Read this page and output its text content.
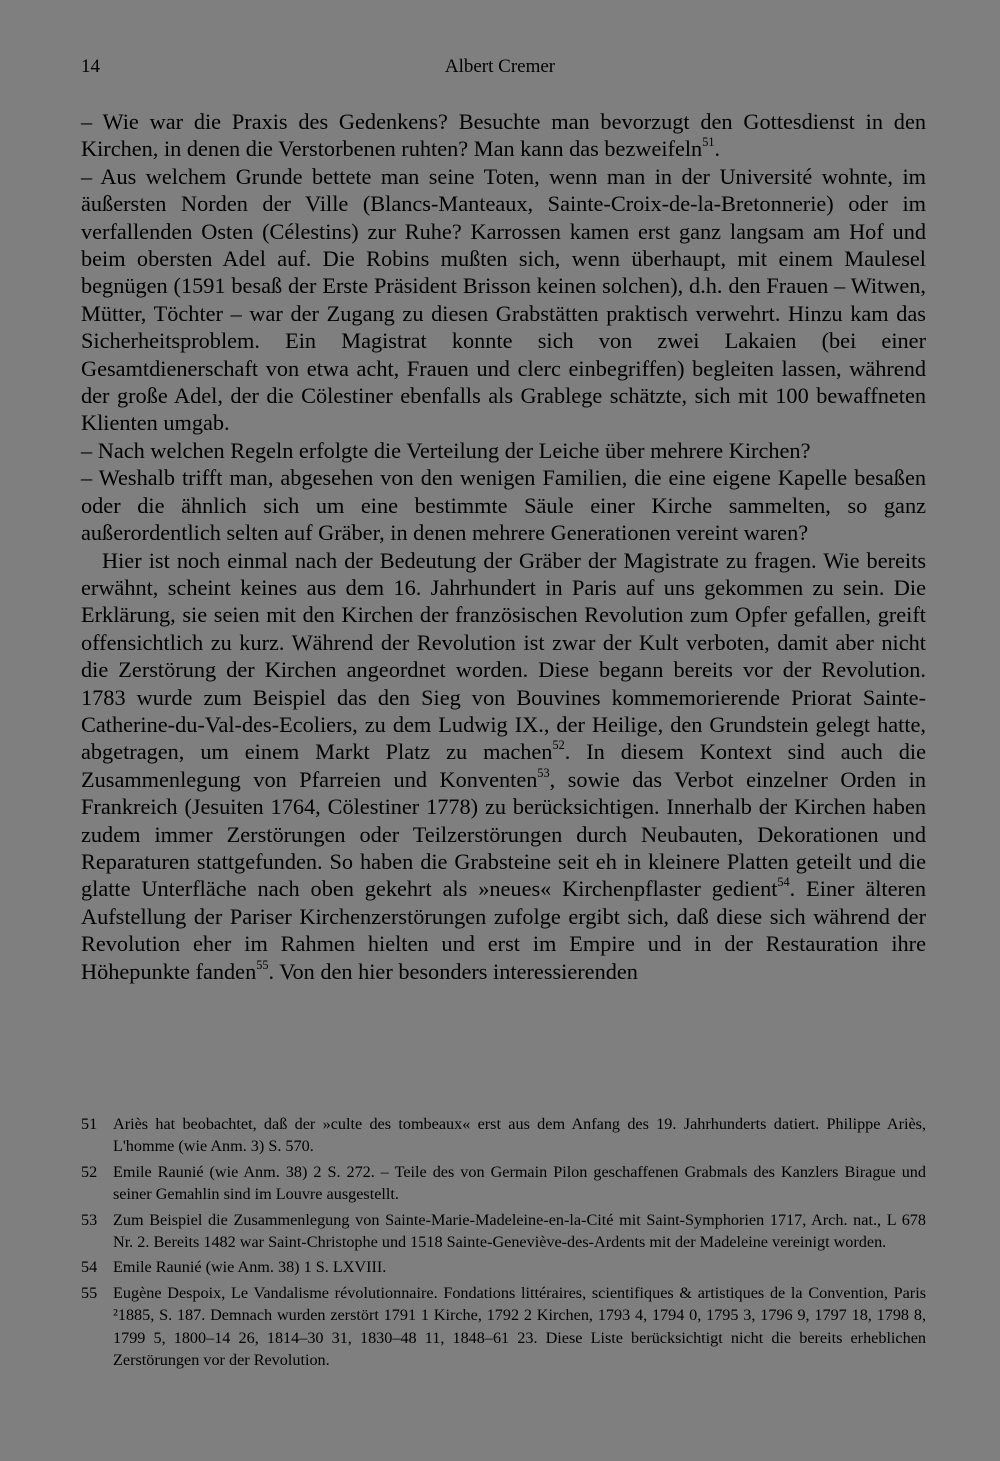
14	Albert Cremer

– Wie war die Praxis des Gedenkens? Besuchte man bevorzugt den Gottesdienst in den Kirchen, in denen die Verstorbenen ruhten? Man kann das bezweifeln$^{51}$.

– Aus welchem Grunde bettete man seine Toten, wenn man in der Université wohnte, im äußersten Norden der Ville (Blancs-Manteaux, Sainte-Croix-de-la-Bretonnerie) oder im verfallenden Osten (Célestins) zur Ruhe? Karrossen kamen erst ganz langsam am Hof und beim obersten Adel auf. Die Robins mußten sich, wenn überhaupt, mit einem Maulesel begnügen (1591 besaß der Erste Präsident Brisson keinen solchen), d.h. den Frauen – Witwen, Mütter, Töchter – war der Zugang zu diesen Grabstätten praktisch verwehrt. Hinzu kam das Sicherheitsproblem. Ein Magistrat konnte sich von zwei Lakaien (bei einer Gesamtdienerschaft von etwa acht, Frauen und clerc einbegriffen) begleiten lassen, während der große Adel, der die Cölestiner ebenfalls als Grablege schätzte, sich mit 100 bewaffneten Klienten umgab.

– Nach welchen Regeln erfolgte die Verteilung der Leiche über mehrere Kirchen?

– Weshalb trifft man, abgesehen von den wenigen Familien, die eine eigene Kapelle besaßen oder die ähnlich sich um eine bestimmte Säule einer Kirche sammelten, so ganz außerordentlich selten auf Gräber, in denen mehrere Generationen vereint waren?

Hier ist noch einmal nach der Bedeutung der Gräber der Magistrate zu fragen. Wie bereits erwähnt, scheint keines aus dem 16. Jahrhundert in Paris auf uns gekommen zu sein. Die Erklärung, sie seien mit den Kirchen der französischen Revolution zum Opfer gefallen, greift offensichtlich zu kurz. Während der Revolution ist zwar der Kult verboten, damit aber nicht die Zerstörung der Kirchen angeordnet worden. Diese begann bereits vor der Revolution. 1783 wurde zum Beispiel das den Sieg von Bouvines kommemorierende Priorat Sainte-Catherine-du-Val-des-Ecoliers, zu dem Ludwig IX., der Heilige, den Grundstein gelegt hatte, abgetragen, um einem Markt Platz zu machen$^{52}$. In diesem Kontext sind auch die Zusammenlegung von Pfarreien und Konventen$^{53}$, sowie das Verbot einzelner Orden in Frankreich (Jesuiten 1764, Cölestiner 1778) zu berücksichtigen. Innerhalb der Kirchen haben zudem immer Zerstörungen oder Teilzerstörungen durch Neubauten, Dekorationen und Reparaturen stattgefunden. So haben die Grabsteine seit eh in kleinere Platten geteilt und die glatte Unterfläche nach oben gekehrt als »neues« Kirchenpflaster gedient$^{54}$. Einer älteren Aufstellung der Pariser Kirchenzerstörungen zufolge ergibt sich, daß diese sich während der Revolution eher im Rahmen hielten und erst im Empire und in der Restauration ihre Höhepunkte fanden$^{55}$. Von den hier besonders interessierenden

51 Ariès hat beobachtet, daß der »culte des tombeaux« erst aus dem Anfang des 19. Jahrhunderts datiert. Philippe Ariès, L'homme (wie Anm. 3) S. 570.
52 Emile Raunié (wie Anm. 38) 2 S. 272. – Teile des von Germain Pilon geschaffenen Grabmals des Kanzlers Birague und seiner Gemahlin sind im Louvre ausgestellt.
53 Zum Beispiel die Zusammenlegung von Sainte-Marie-Madeleine-en-la-Cité mit Saint-Symphorien 1717, Arch. nat., L 678 Nr. 2. Bereits 1482 war Saint-Christophe und 1518 Sainte-Geneviève-des-Ardents mit der Madeleine vereinigt worden.
54 Emile Raunié (wie Anm. 38) 1 S. LXVIII.
55 Eugène Despoix, Le Vandalisme révolutionnaire. Fondations littéraires, scientifiques & artistiques de la Convention, Paris ²1885, S. 187. Demnach wurden zerstört 1791 1 Kirche, 1792 2 Kirchen, 1793 4, 1794 0, 1795 3, 1796 9, 1797 18, 1798 8, 1799 5, 1800–14 26, 1814–30 31, 1830–48 11, 1848–61 23. Diese Liste berücksichtigt nicht die bereits erheblichen Zerstörungen vor der Revolution.
